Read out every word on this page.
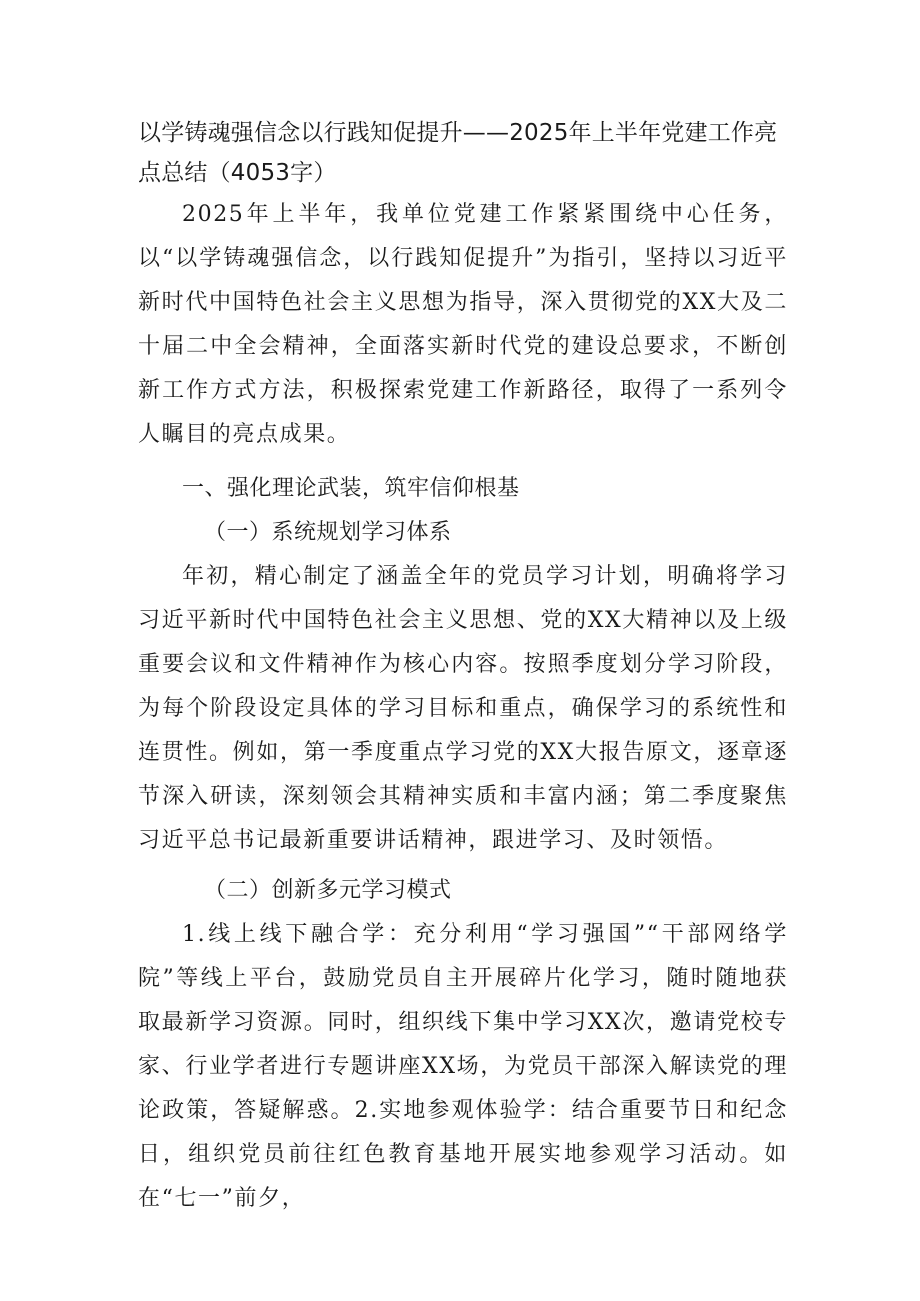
以学铸魂强信念以行践知促提升——2025年上半年党建工作亮点总结（4053字）

2025年上半年，我单位党建工作紧紧围绕中心任务，以“以学铸魂强信念，以行践知促提升”为指引，坚持以习近平新时代中国特色社会主义思想为指导，深入贯彻党的XX大及二十届二中全会精神，全面落实新时代党的建设总要求，不断创新工作方式方法，积极探索党建工作新路径，取得了一系列令人瞩目的亮点成果。

一、强化理论武装，筑牢信仰根基

（一）系统规划学习体系

年初，精心制定了涵盖全年的党员学习计划，明确将学习习近平新时代中国特色社会主义思想、党的XX大精神以及上级重要会议和文件精神作为核心内容。按照季度划分学习阶段，为每个阶段设定具体的学习目标和重点，确保学习的系统性和连贯性。例如，第一季度重点学习党的XX大报告原文，逐章逐节深入研读，深刻领会其精神实质和丰富内涵；第二季度聚焦习近平总书记最新重要讲话精神，跟进学习、及时领悟。

（二）创新多元学习模式

1.线上线下融合学：充分利用“学习强国”“干部网络学院”等线上平台，鼓励党员自主开展碎片化学习，随时随地获取最新学习资源。同时，组织线下集中学习XX次，邀请党校专家、行业学者进行专题讲座XX场，为党员干部深入解读党的理论政策，答疑解惑。2.实地参观体验学：结合重要节日和纪念日，组织党员前往红色教育基地开展实地参观学习活动。如在“七一”前夕，
